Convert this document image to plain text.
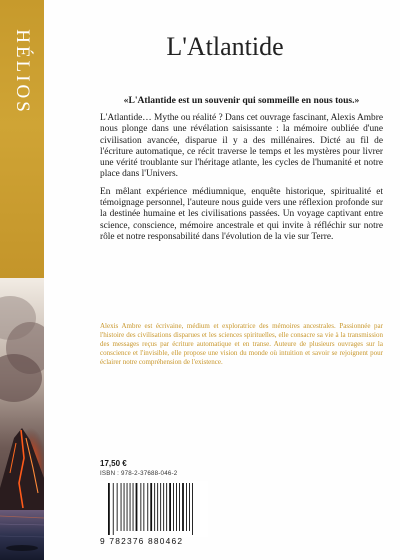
HÉLIOS	L'Atlantide

«L'Atlantide est un souvenir qui sommeille en nous tous.»

L'Atlantide… Mythe ou réalité ? Dans cet ouvrage fascinant, Alexis Ambre nous plonge dans une révélation saisissante : la mémoire oubliée d'une civilisation avancée, disparue il y a des millénaires. Dicté au fil de l'écriture automatique, ce récit traverse le temps et les mystères pour livrer une vérité troublante sur l'héritage atlante, les cycles de l'humanité et notre place dans l'Univers.

En mêlant expérience médiumnique, enquête historique, spiritualité et témoignage personnel, l'auteure nous guide vers une réflexion profonde sur la destinée humaine et les civilisations passées. Un voyage captivant entre science, conscience, mémoire ancestrale et qui invite à réfléchir sur notre rôle et notre responsabilité dans l'évolution de la vie sur Terre.

Alexis Ambre est écrivaine, médium et exploratrice des mémoires ancestrales. Passionnée par l'histoire des civilisations disparues et les sciences spirituelles, elle consacre sa vie à la transmission des messages reçus par écriture automatique et en transe. Auteure de plusieurs ouvrages sur la conscience et l'invisible, elle propose une vision du monde où intuition et savoir se rejoignent pour éclairer notre compréhension de l'existence.
17,50 €
ISBN : 978-2-37688-046-2
9 782376 880462
